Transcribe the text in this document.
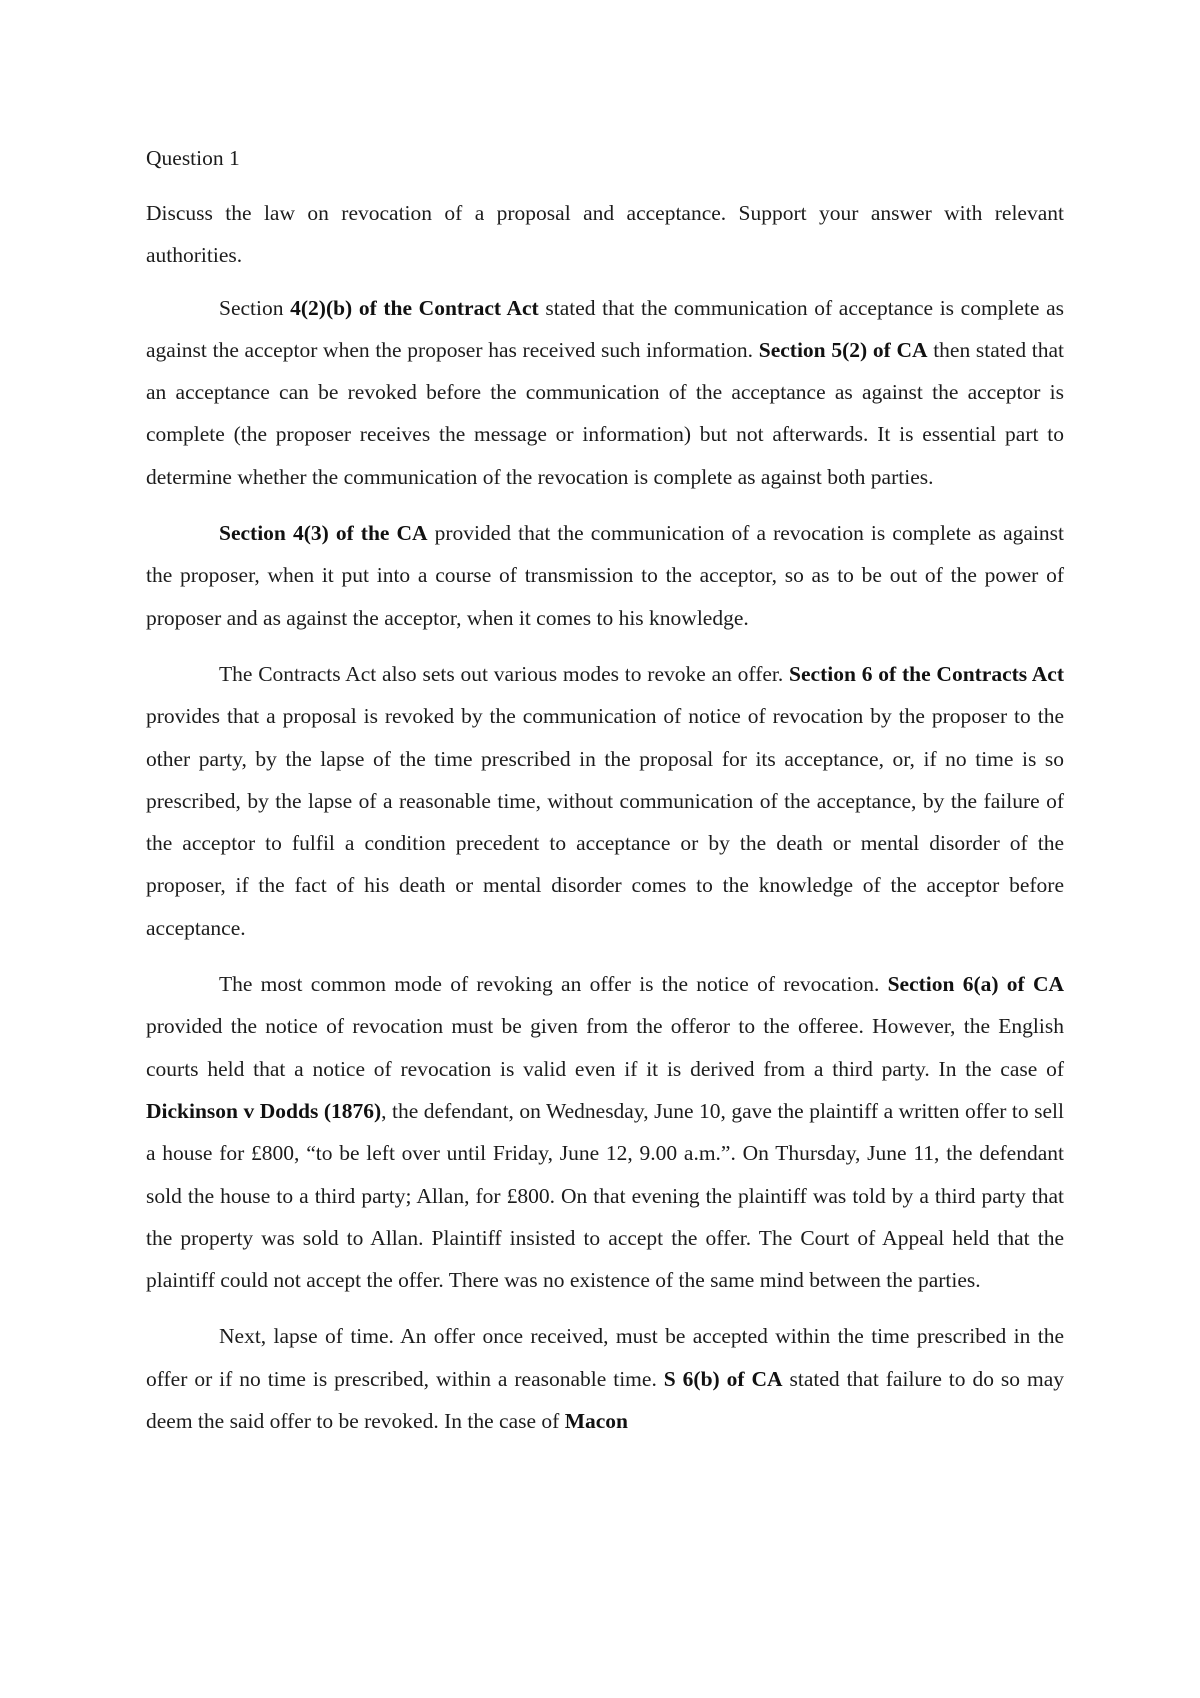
Question 1

Discuss the law on revocation of a proposal and acceptance. Support your answer with relevant authorities.

Section 4(2)(b) of the Contract Act stated that the communication of acceptance is complete as against the acceptor when the proposer has received such information. Section 5(2) of CA then stated that an acceptance can be revoked before the communication of the acceptance as against the acceptor is complete (the proposer receives the message or information) but not afterwards. It is essential part to determine whether the communication of the revocation is complete as against both parties.

Section 4(3) of the CA provided that the communication of a revocation is complete as against the proposer, when it put into a course of transmission to the acceptor, so as to be out of the power of proposer and as against the acceptor, when it comes to his knowledge.

The Contracts Act also sets out various modes to revoke an offer. Section 6 of the Contracts Act provides that a proposal is revoked by the communication of notice of revocation by the proposer to the other party, by the lapse of the time prescribed in the proposal for its acceptance, or, if no time is so prescribed, by the lapse of a reasonable time, without communication of the acceptance, by the failure of the acceptor to fulfil a condition precedent to acceptance or by the death or mental disorder of the proposer, if the fact of his death or mental disorder comes to the knowledge of the acceptor before acceptance.

The most common mode of revoking an offer is the notice of revocation. Section 6(a) of CA provided the notice of revocation must be given from the offeror to the offeree. However, the English courts held that a notice of revocation is valid even if it is derived from a third party. In the case of Dickinson v Dodds (1876), the defendant, on Wednesday, June 10, gave the plaintiff a written offer to sell a house for £800, “to be left over until Friday, June 12, 9.00 a.m.”. On Thursday, June 11, the defendant sold the house to a third party; Allan, for £800. On that evening the plaintiff was told by a third party that the property was sold to Allan. Plaintiff insisted to accept the offer. The Court of Appeal held that the plaintiff could not accept the offer. There was no existence of the same mind between the parties.

Next, lapse of time. An offer once received, must be accepted within the time prescribed in the offer or if no time is prescribed, within a reasonable time. S 6(b) of CA stated that failure to do so may deem the said offer to be revoked. In the case of Macon
